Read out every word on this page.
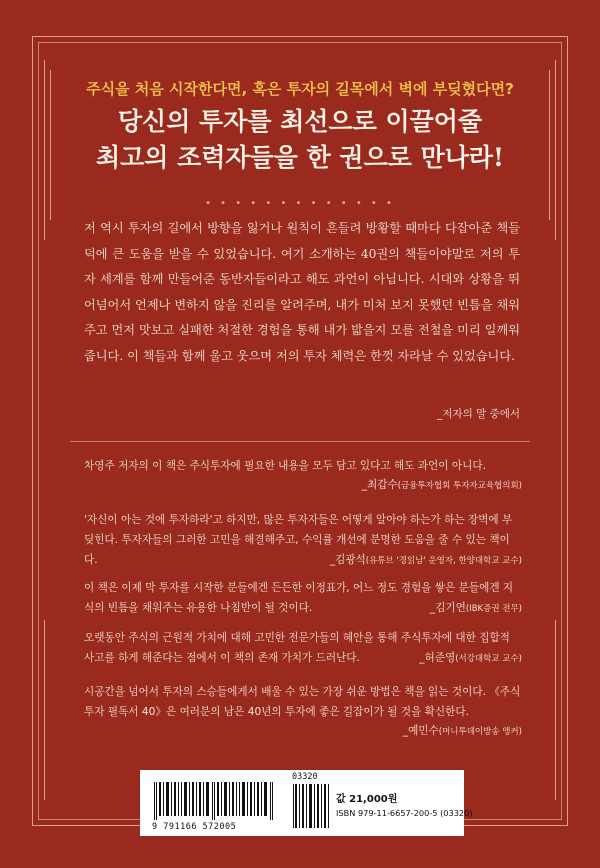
주식을 처음 시작한다면, 혹은 투자의 길목에서 벽에 부딪혔다면?
당신의 투자를 최선으로 이끌어줄
최고의 조력자들을 한 권으로 만나라!
• • • • • • • • • • • • •
저 역시 투자의 길에서 방향을 잃거나 원칙이 흔들려 방황할 때마다 다잡아준 책들 덕에 큰 도움을 받을 수 있었습니다. 여기 소개하는 40권의 책들이야말로 저의 투자 세계를 함께 만들어준 동반자들이라고 해도 과언이 아닙니다. 시대와 상황을 뛰어넘어서 언제나 변하지 않을 진리를 알려주며, 내가 미처 보지 못했던 빈틈을 채워주고 먼저 맛보고 실패한 처절한 경험을 통해 내가 밟을지 모를 전철을 미리 일깨워줍니다. 이 책들과 함께 울고 웃으며 저의 투자 체력은 한껏 자라날 수 있었습니다.
_저자의 말 중에서
차영주 저자의 이 책은 주식투자에 필요한 내용을 모두 담고 있다고 해도 과언이 아니다.
_최갑수(금융투자협회 투자자교육협의회)
'자신이 아는 것에 투자하라'고 하지만, 많은 투자자들은 어떻게 알아야 하는가 하는 장벽에 부딪힌다. 투자자들의 그러한 고민을 해결해주고, 수익률 개선에 분명한 도움을 줄 수 있는 책이다.	_김광석(유튜브 '경읽남' 운영자, 한양대학교 교수)
이 책은 이제 막 투자를 시작한 분들에겐 든든한 이정표가, 어느 정도 경험을 쌓은 분들에겐 지식의 빈틈을 채워주는 유용한 나침반이 될 것이다.	_김기연(IBK증권 전무)
오랫동안 주식의 근원적 가치에 대해 고민한 전문가들의 혜안을 통해 주식투자에 대한 집합적 사고를 하게 해준다는 점에서 이 책의 존재 가치가 드러난다.	_허준영(서강대학교 교수)
시공간을 넘어서 투자의 스승들에게서 배울 수 있는 가장 쉬운 방법은 책을 읽는 것이다. 《주식투자 필독서 40》은 여러분의 남은 40년의 투자에 좋은 길잡이가 될 것을 확신한다.
_예민수(머니투데이방송 앵커)
9 791166 572005
03320
값 21,000원
ISBN 979-11-6657-200-5 (03320)
